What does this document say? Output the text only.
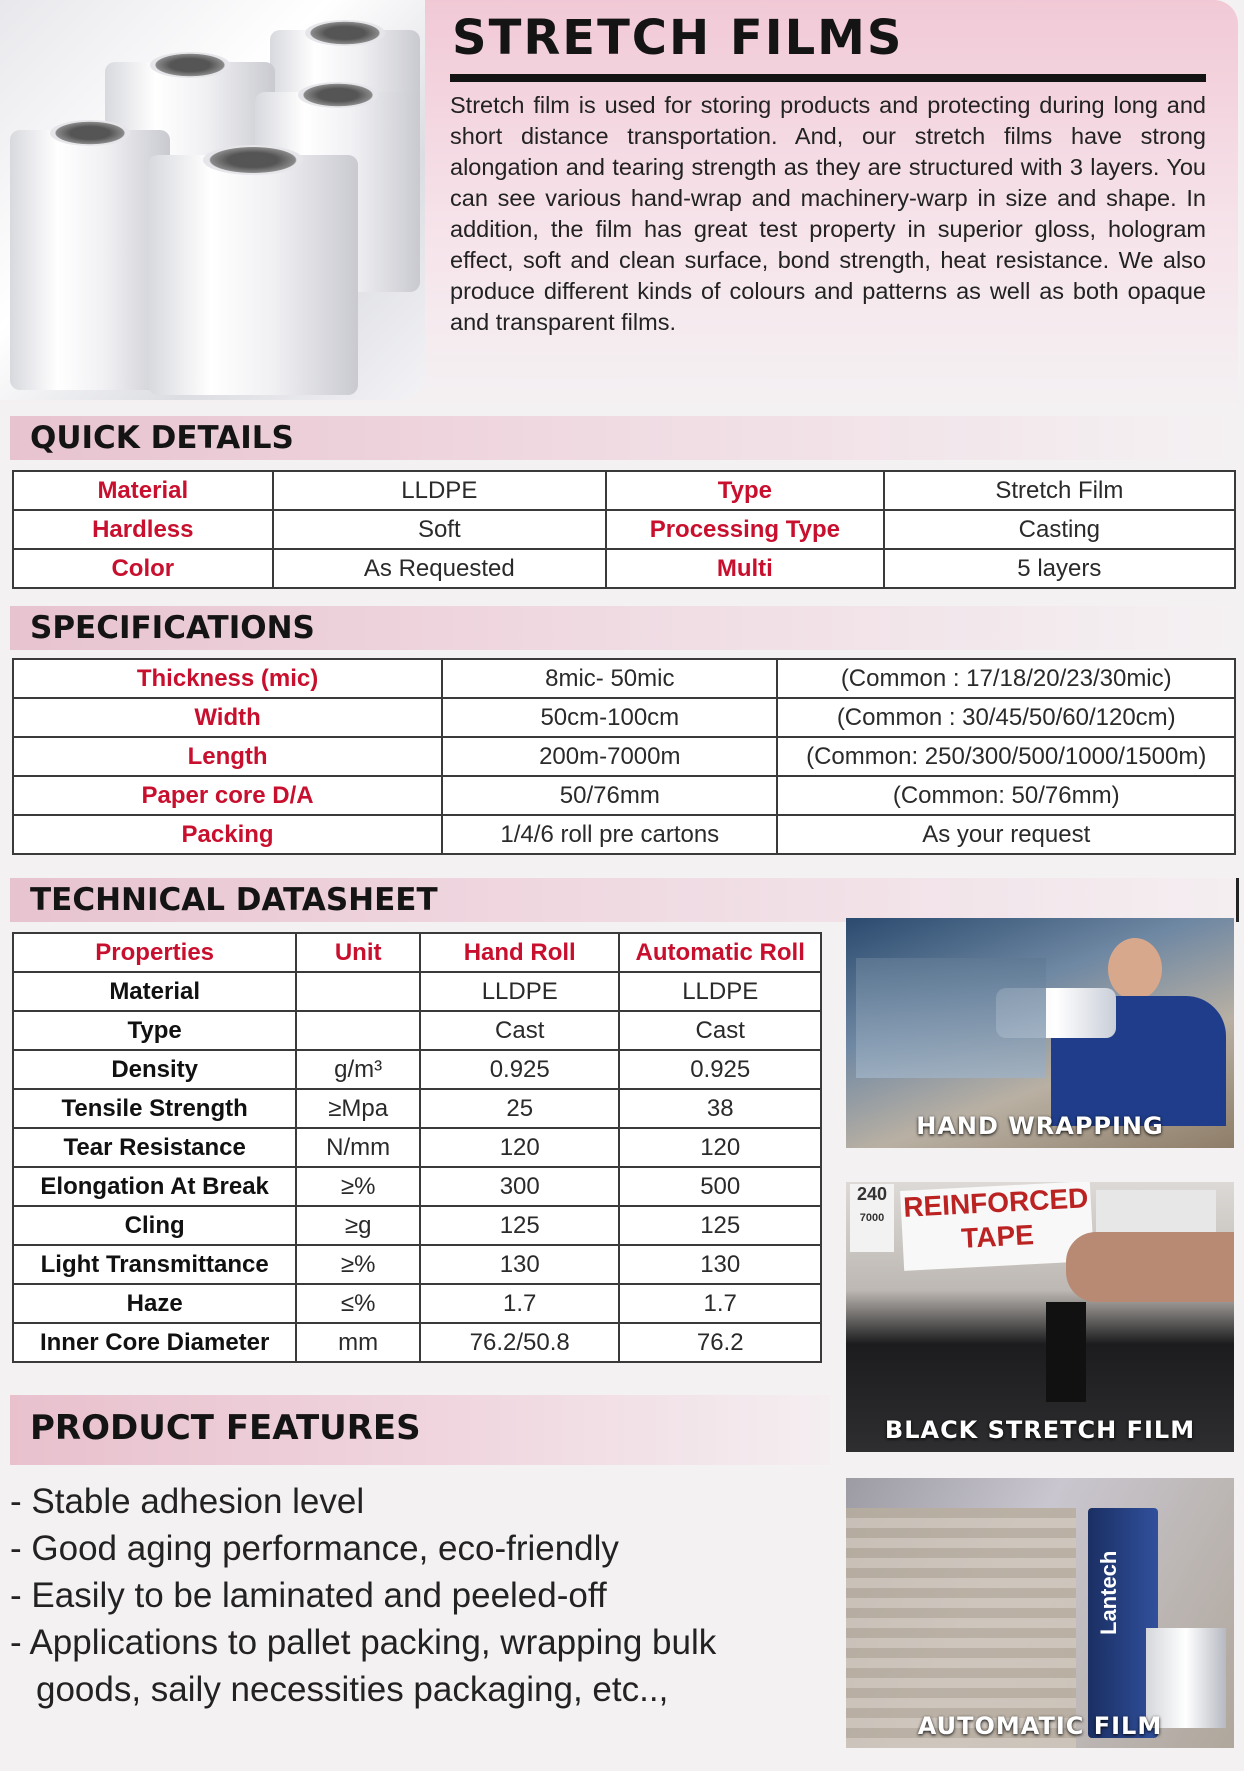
STRETCH FILMS
Stretch film is used for storing products and protecting during long and short distance transportation. And, our stretch films have strong alongation and tearing strength as they are structured with 3 layers. You can see various hand-wrap and machinery-warp in size and shape. In addition, the film has great test property in superior gloss, hologram effect, soft and clean surface, bond strength, heat resistance. We also produce different kinds of colours and patterns as well as both opaque and transparent films.
QUICK DETAILS
Material	LLDPE	Type	Stretch Film
Hardless	Soft	Processing Type	Casting
Color	As Requested	Multi	5 layers
SPECIFICATIONS
Thickness (mic)	8mic- 50mic	(Common : 17/18/20/23/30mic)
Width	50cm-100cm	(Common : 30/45/50/60/120cm)
Length	200m-7000m	(Common: 250/300/500/1000/1500m)
Paper core D/A	50/76mm	(Common: 50/76mm)
Packing	1/4/6 roll pre cartons	As your request
TECHNICAL DATASHEET
Properties	Unit	Hand Roll	Automatic Roll
Material		LLDPE	LLDPE
Type		Cast	Cast
Density	g/m³	0.925	0.925
Tensile Strength	≥Mpa	25	38
Tear Resistance	N/mm	120	120
Elongation At Break	≥%	300	500
Cling	≥g	125	125
Light Transmittance	≥%	130	130
Haze	≤%	1.7	1.7
Inner Core Diameter	mm	76.2/50.8	76.2
HAND WRAPPING
240
7000 REINFORCED TAPE
BLACK STRETCH FILM
Lantech
AUTOMATIC FILM
PRODUCT FEATURES
- Stable adhesion level
- Good aging performance, eco-friendly
- Easily to be laminated and peeled-off
- Applications to pallet packing, wrapping bulk goods, saily necessities packaging, etc..,
